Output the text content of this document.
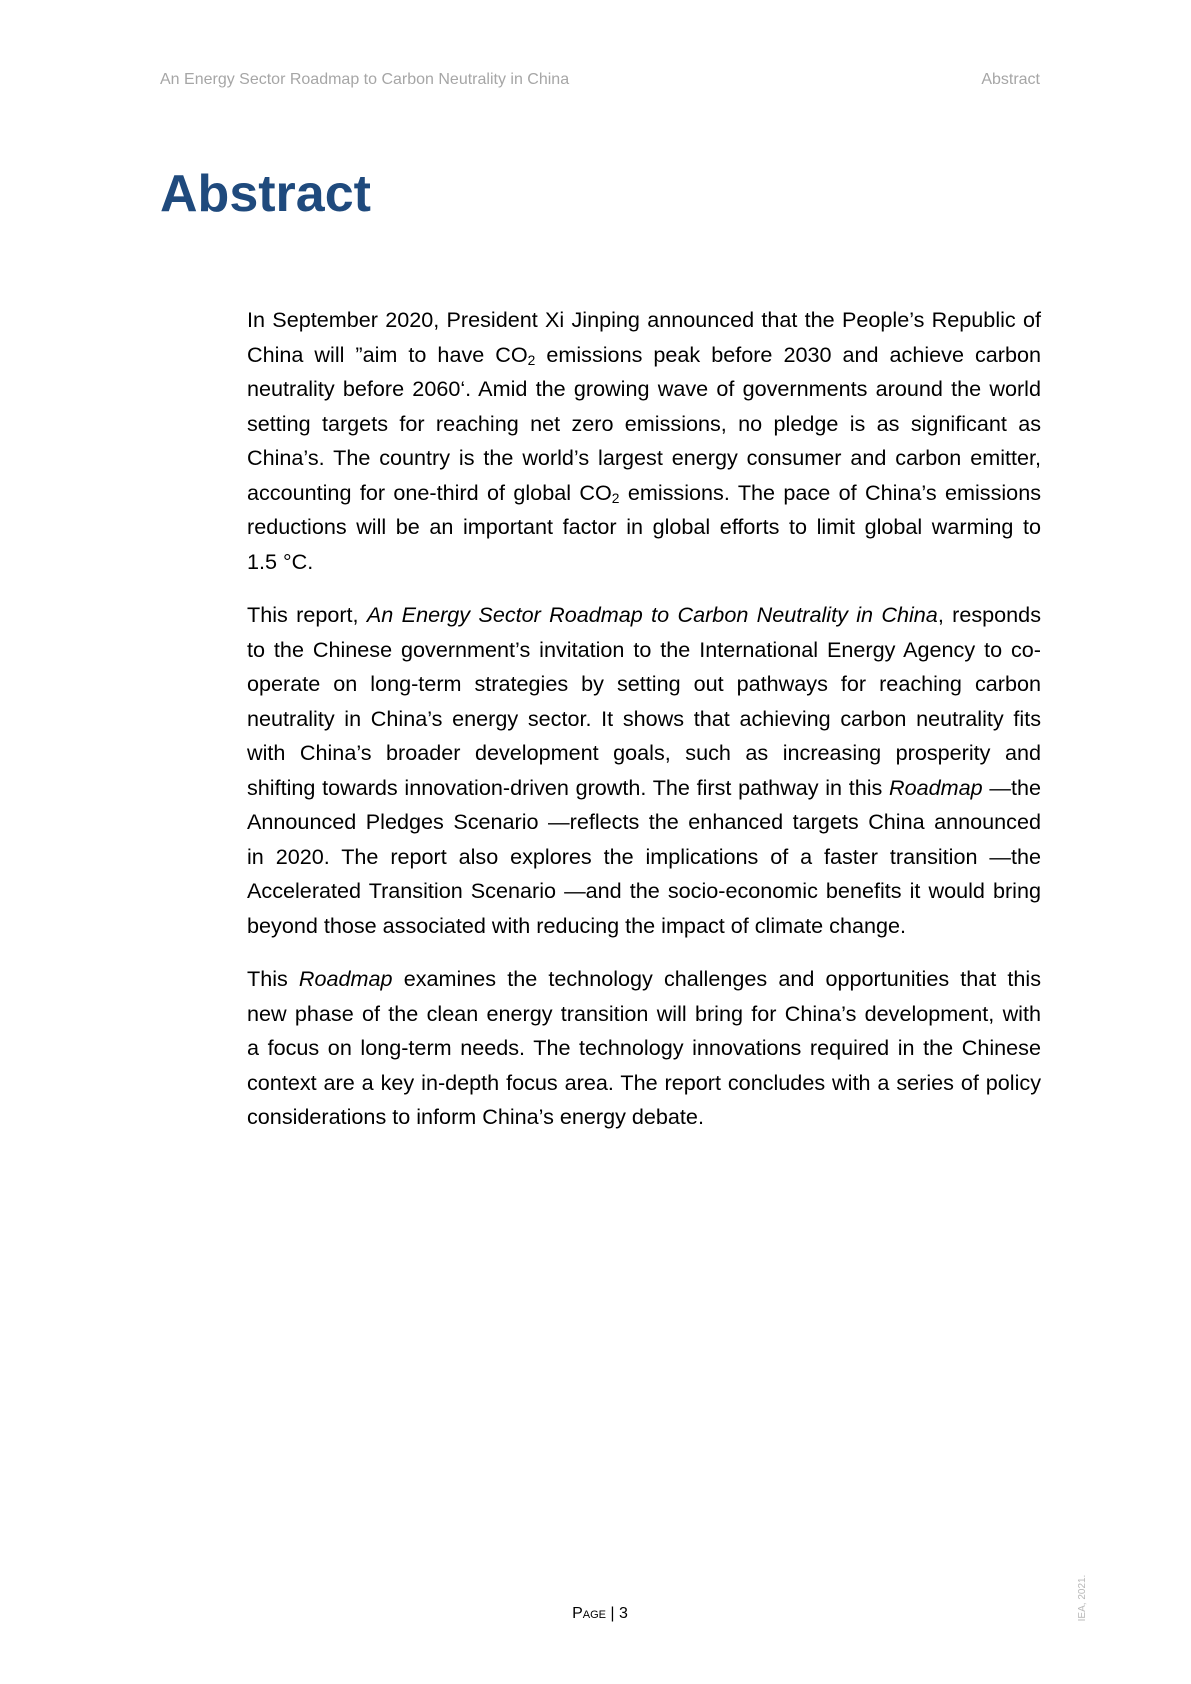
An Energy Sector Roadmap to Carbon Neutrality in China	Abstract
Abstract
In September 2020, President Xi Jinping announced that the People’s Republic of
China will ”aim to have $CO_2$ emissions peak before 2030 and achieve carbon
neutrality before 2060‘. Amid the growing wave of governments around the world
setting targets for reaching net zero emissions, no pledge is as significant as
China’s. The country is the world’s largest energy consumer and carbon emitter,
accounting for one-third of global $CO_2$ emissions. The pace of China’s emissions
reductions will be an important factor in global efforts to limit global warming to
1.5 °C.
This report, An Energy Sector Roadmap to Carbon Neutrality in China, responds
to the Chinese government’s invitation to the International Energy Agency to co-
operate on long-term strategies by setting out pathways for reaching carbon
neutrality in China’s energy sector. It shows that achieving carbon neutrality fits
with China’s broader development goals, such as increasing prosperity and
shifting towards innovation-driven growth. The first pathway in this Roadmap —the
Announced Pledges Scenario —reflects the enhanced targets China announced
in 2020. The report also explores the implications of a faster transition —the
Accelerated Transition Scenario —and the socio-economic benefits it would bring
beyond those associated with reducing the impact of climate change.
This Roadmap examines the technology challenges and opportunities that this
new phase of the clean energy transition will bring for China’s development, with
a focus on long-term needs. The technology innovations required in the Chinese
context are a key in-depth focus area. The report concludes with a series of policy
considerations to inform China’s energy debate.
Page | 3	IEA, 2021.
